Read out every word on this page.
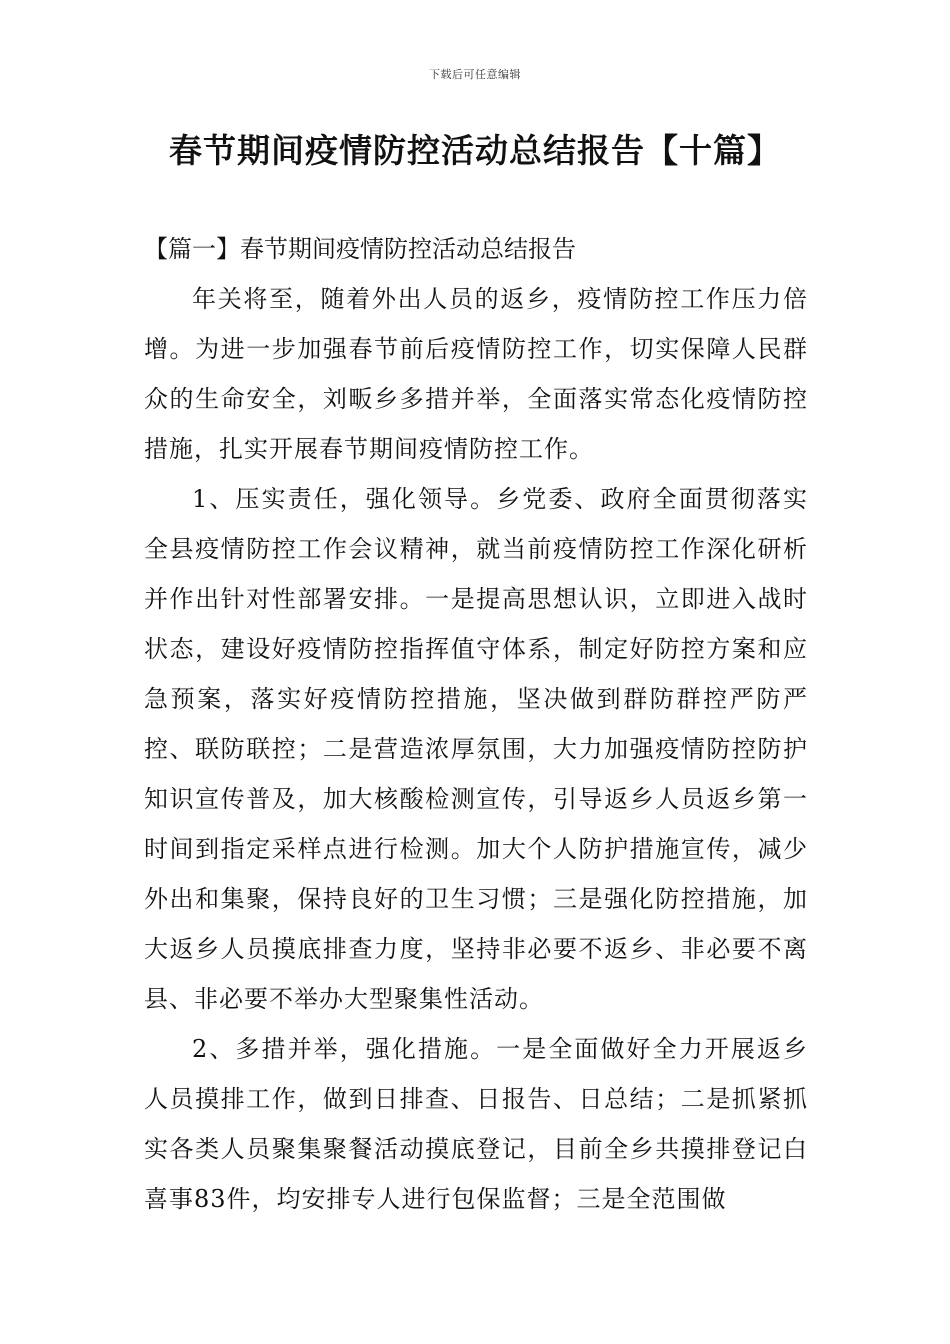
下载后可任意编辑
春节期间疫情防控活动总结报告【十篇】
【篇一】春节期间疫情防控活动总结报告

年关将至，随着外出人员的返乡，疫情防控工作压力倍增。为进一步加强春节前后疫情防控工作，切实保障人民群众的生命安全，刘畈乡多措并举，全面落实常态化疫情防控措施，扎实开展春节期间疫情防控工作。

1、压实责任，强化领导。乡党委、政府全面贯彻落实全县疫情防控工作会议精神，就当前疫情防控工作深化研析并作出针对性部署安排。一是提高思想认识，立即进入战时状态，建设好疫情防控指挥值守体系，制定好防控方案和应急预案，落实好疫情防控措施，坚决做到群防群控严防严控、联防联控；二是营造浓厚氛围，大力加强疫情防控防护知识宣传普及，加大核酸检测宣传，引导返乡人员返乡第一时间到指定采样点进行检测。加大个人防护措施宣传，减少外出和集聚，保持良好的卫生习惯；三是强化防控措施，加大返乡人员摸底排查力度，坚持非必要不返乡、非必要不离县、非必要不举办大型聚集性活动。

2、多措并举，强化措施。一是全面做好全力开展返乡人员摸排工作，做到日排查、日报告、日总结；二是抓紧抓实各类人员聚集聚餐活动摸底登记，目前全乡共摸排登记白喜事83件，均安排专人进行包保监督；三是全范围做
